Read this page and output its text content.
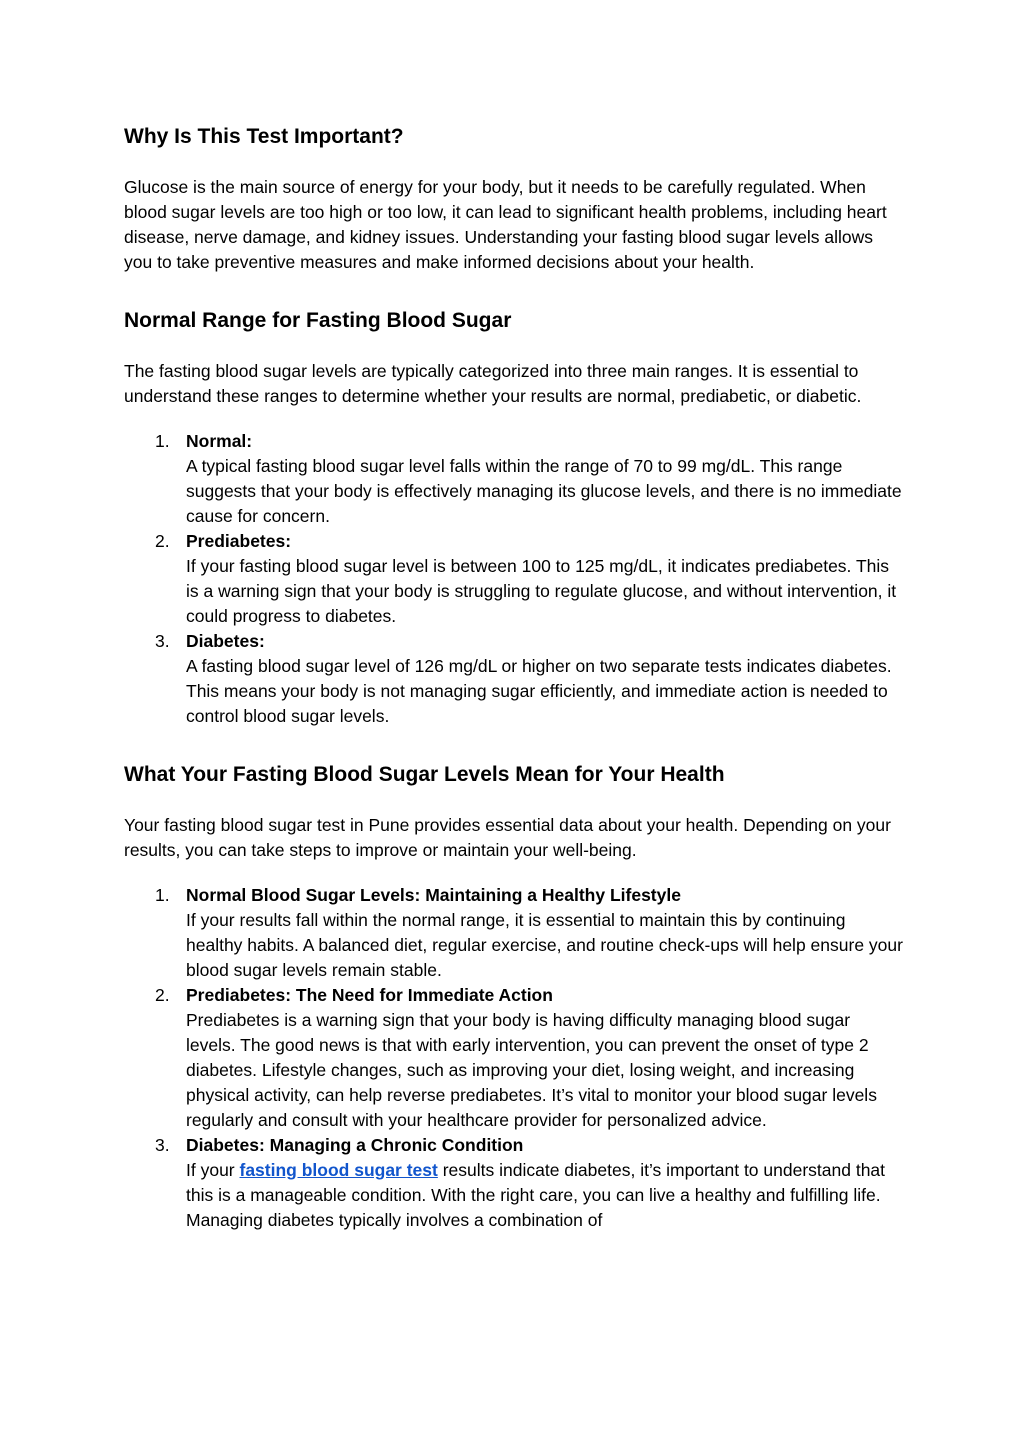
Why Is This Test Important?

Glucose is the main source of energy for your body, but it needs to be carefully regulated. When blood sugar levels are too high or too low, it can lead to significant health problems, including heart disease, nerve damage, and kidney issues. Understanding your fasting blood sugar levels allows you to take preventive measures and make informed decisions about your health.

Normal Range for Fasting Blood Sugar

The fasting blood sugar levels are typically categorized into three main ranges. It is essential to understand these ranges to determine whether your results are normal, prediabetic, or diabetic.

1. Normal:
A typical fasting blood sugar level falls within the range of 70 to 99 mg/dL. This range suggests that your body is effectively managing its glucose levels, and there is no immediate cause for concern.
2. Prediabetes:
If your fasting blood sugar level is between 100 to 125 mg/dL, it indicates prediabetes. This is a warning sign that your body is struggling to regulate glucose, and without intervention, it could progress to diabetes.
3. Diabetes:
A fasting blood sugar level of 126 mg/dL or higher on two separate tests indicates diabetes. This means your body is not managing sugar efficiently, and immediate action is needed to control blood sugar levels.
What Your Fasting Blood Sugar Levels Mean for Your Health

Your fasting blood sugar test in Pune provides essential data about your health. Depending on your results, you can take steps to improve or maintain your well-being.

1. Normal Blood Sugar Levels: Maintaining a Healthy Lifestyle
If your results fall within the normal range, it is essential to maintain this by continuing healthy habits. A balanced diet, regular exercise, and routine check-ups will help ensure your blood sugar levels remain stable.
2. Prediabetes: The Need for Immediate Action
Prediabetes is a warning sign that your body is having difficulty managing blood sugar levels. The good news is that with early intervention, you can prevent the onset of type 2 diabetes. Lifestyle changes, such as improving your diet, losing weight, and increasing physical activity, can help reverse prediabetes. It’s vital to monitor your blood sugar levels regularly and consult with your healthcare provider for personalized advice.
3. Diabetes: Managing a Chronic Condition
If your fasting blood sugar test results indicate diabetes, it’s important to understand that this is a manageable condition. With the right care, you can live a healthy and fulfilling life. Managing diabetes typically involves a combination of
